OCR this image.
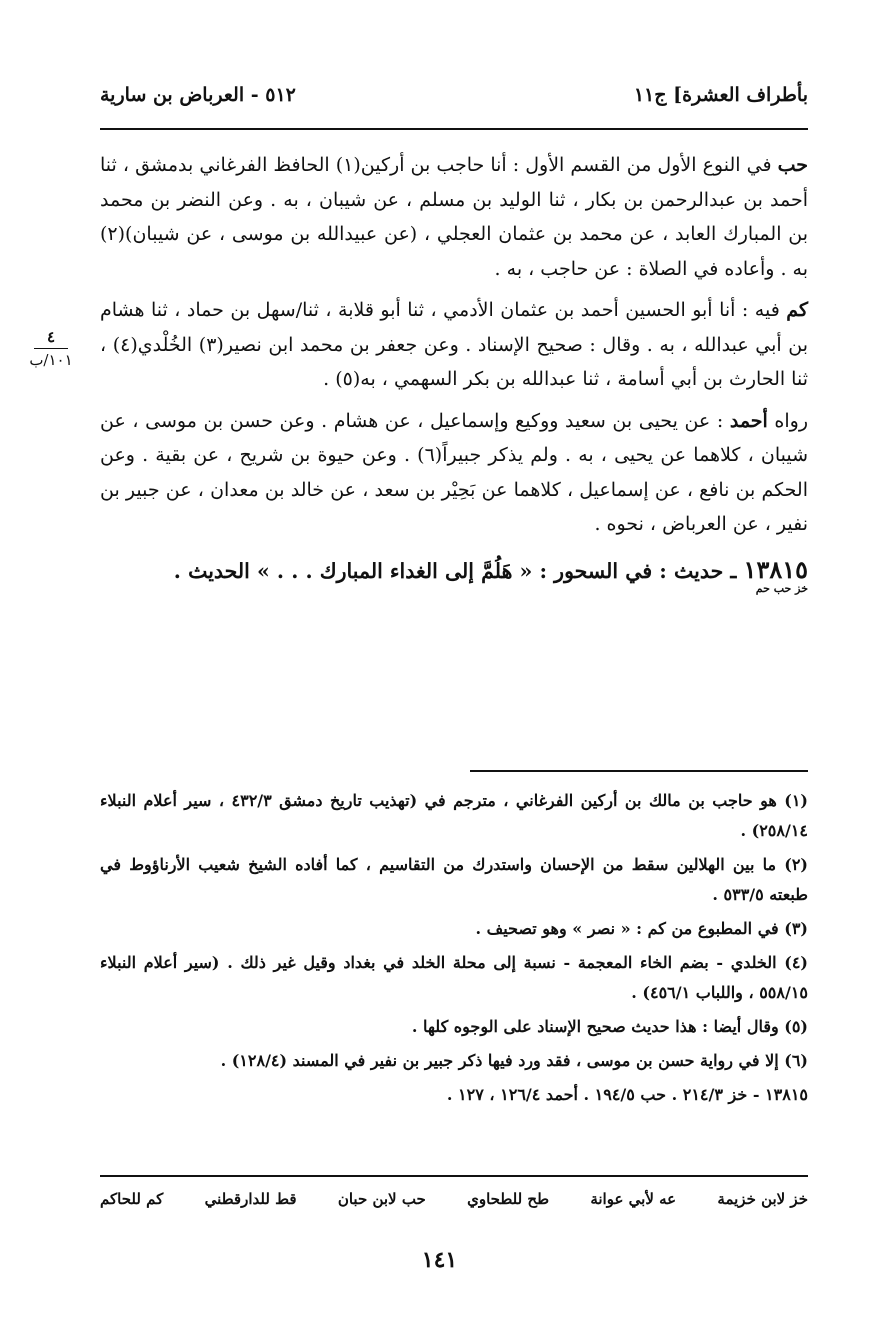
بأطراف العشرة] ج١١
٥١٢ - العرباض بن سارية
٤
١٠١/ب

حب في النوع الأول من القسم الأول : أنا حاجب بن أركين(١) الحافظ الفرغاني بدمشق ، ثنا أحمد بن عبدالرحمن بن بكار ، ثنا الوليد بن مسلم ، عن شيبان ، به . وعن النضر بن محمد بن المبارك العابد ، عن محمد بن عثمان العجلي ، (عن عبيدالله بن موسى ، عن شيبان)(٢) به . وأعاده في الصلاة : عن حاجب ، به .

كم فيه : أنا أبو الحسين أحمد بن عثمان الأدمي ، ثنا أبو قلابة ، ثنا/سهل بن حماد ، ثنا هشام بن أبي عبدالله ، به . وقال : صحيح الإسناد . وعن جعفر بن محمد ابن نصير(٣) الخُلْدي(٤) ، ثنا الحارث بن أبي أسامة ، ثنا عبدالله بن بكر السهمي ، به(٥) .

رواه أحمد : عن يحيى بن سعيد ووكيع وإسماعيل ، عن هشام . وعن حسن بن موسى ، عن شيبان ، كلاهما عن يحيى ، به . ولم يذكر جبيراً(٦) . وعن حيوة بن شريح ، عن بقية . وعن الحكم بن نافع ، عن إسماعيل ، كلاهما عن بَحِيْر بن سعد ، عن خالد بن معدان ، عن جبير بن نفير ، عن العرباض ، نحوه .

١٣٨١٥ ـ حديث : في السحور : « هَلُمَّ إلى الغداء المبارك . . . » الحديث .
خز حب حم

(١) هو حاجب بن مالك بن أركين الفرغاني ، مترجم في (تهذيب تاريخ دمشق ٤٣٢/٣ ، سير أعلام النبلاء ٢٥٨/١٤) .

(٢) ما بين الهلالين سقط من الإحسان واستدرك من التقاسيم ، كما أفاده الشيخ شعيب الأرناؤوط في طبعته ٥٣٣/٥ .

(٣) في المطبوع من كم : « نصر » وهو تصحيف .

(٤) الخلدي - بضم الخاء المعجمة - نسبة إلى محلة الخلد في بغداد وقيل غير ذلك . (سير أعلام النبلاء ٥٥٨/١٥ ، واللباب ٤٥٦/١) .

(٥) وقال أيضا : هذا حديث صحيح الإسناد على الوجوه كلها .

(٦) إلا في رواية حسن بن موسى ، فقد ورد فيها ذكر جبير بن نفير في المسند (١٢٨/٤) .

١٣٨١٥ - خز ٢١٤/٣ . حب ١٩٤/٥ . أحمد ١٢٦/٤ ، ١٢٧ .

خز لابن خزيمة
عه لأبي عوانة
طح للطحاوي
حب لابن حبان
قط للدارقطني
كم للحاكم
١٤١
